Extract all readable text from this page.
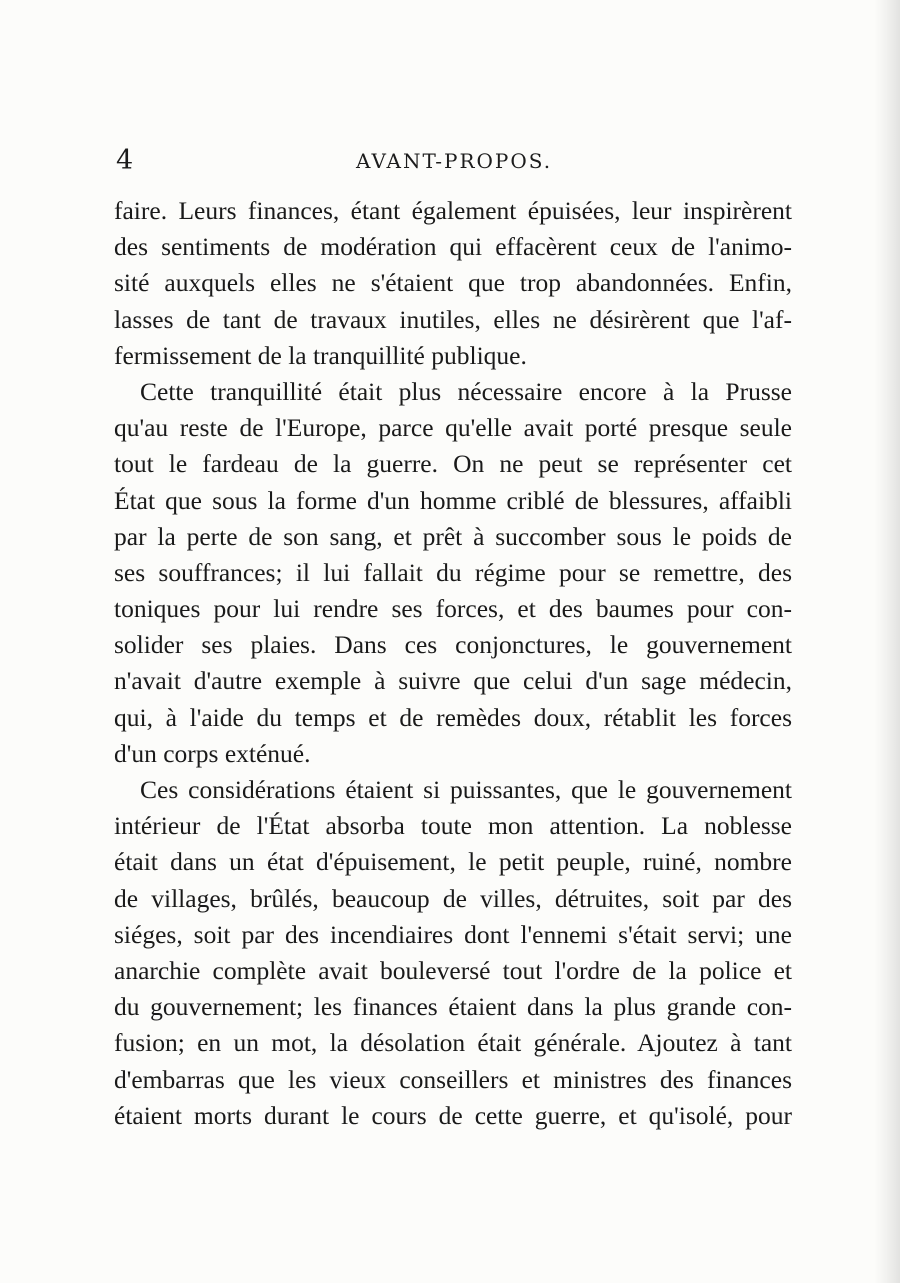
4	AVANT-PROPOS.
faire. Leurs finances, étant également épuisées, leur inspirèrent
des sentiments de modération qui effacèrent ceux de l'animo-
sité auxquels elles ne s'étaient que trop abandonnées. Enfin,
lasses de tant de travaux inutiles, elles ne désirèrent que l'af-
fermissement de la tranquillité publique.
Cette tranquillité était plus nécessaire encore à la Prusse
qu'au reste de l'Europe, parce qu'elle avait porté presque seule
tout le fardeau de la guerre. On ne peut se représenter cet
État que sous la forme d'un homme criblé de blessures, affaibli
par la perte de son sang, et prêt à succomber sous le poids de
ses souffrances; il lui fallait du régime pour se remettre, des
toniques pour lui rendre ses forces, et des baumes pour con-
solider ses plaies. Dans ces conjonctures, le gouvernement
n'avait d'autre exemple à suivre que celui d'un sage médecin,
qui, à l'aide du temps et de remèdes doux, rétablit les forces
d'un corps exténué.
Ces considérations étaient si puissantes, que le gouvernement
intérieur de l'État absorba toute mon attention. La noblesse
était dans un état d'épuisement, le petit peuple, ruiné, nombre
de villages, brûlés, beaucoup de villes, détruites, soit par des
siéges, soit par des incendiaires dont l'ennemi s'était servi; une
anarchie complète avait bouleversé tout l'ordre de la police et
du gouvernement; les finances étaient dans la plus grande con-
fusion; en un mot, la désolation était générale. Ajoutez à tant
d'embarras que les vieux conseillers et ministres des finances
étaient morts durant le cours de cette guerre, et qu'isolé, pour
